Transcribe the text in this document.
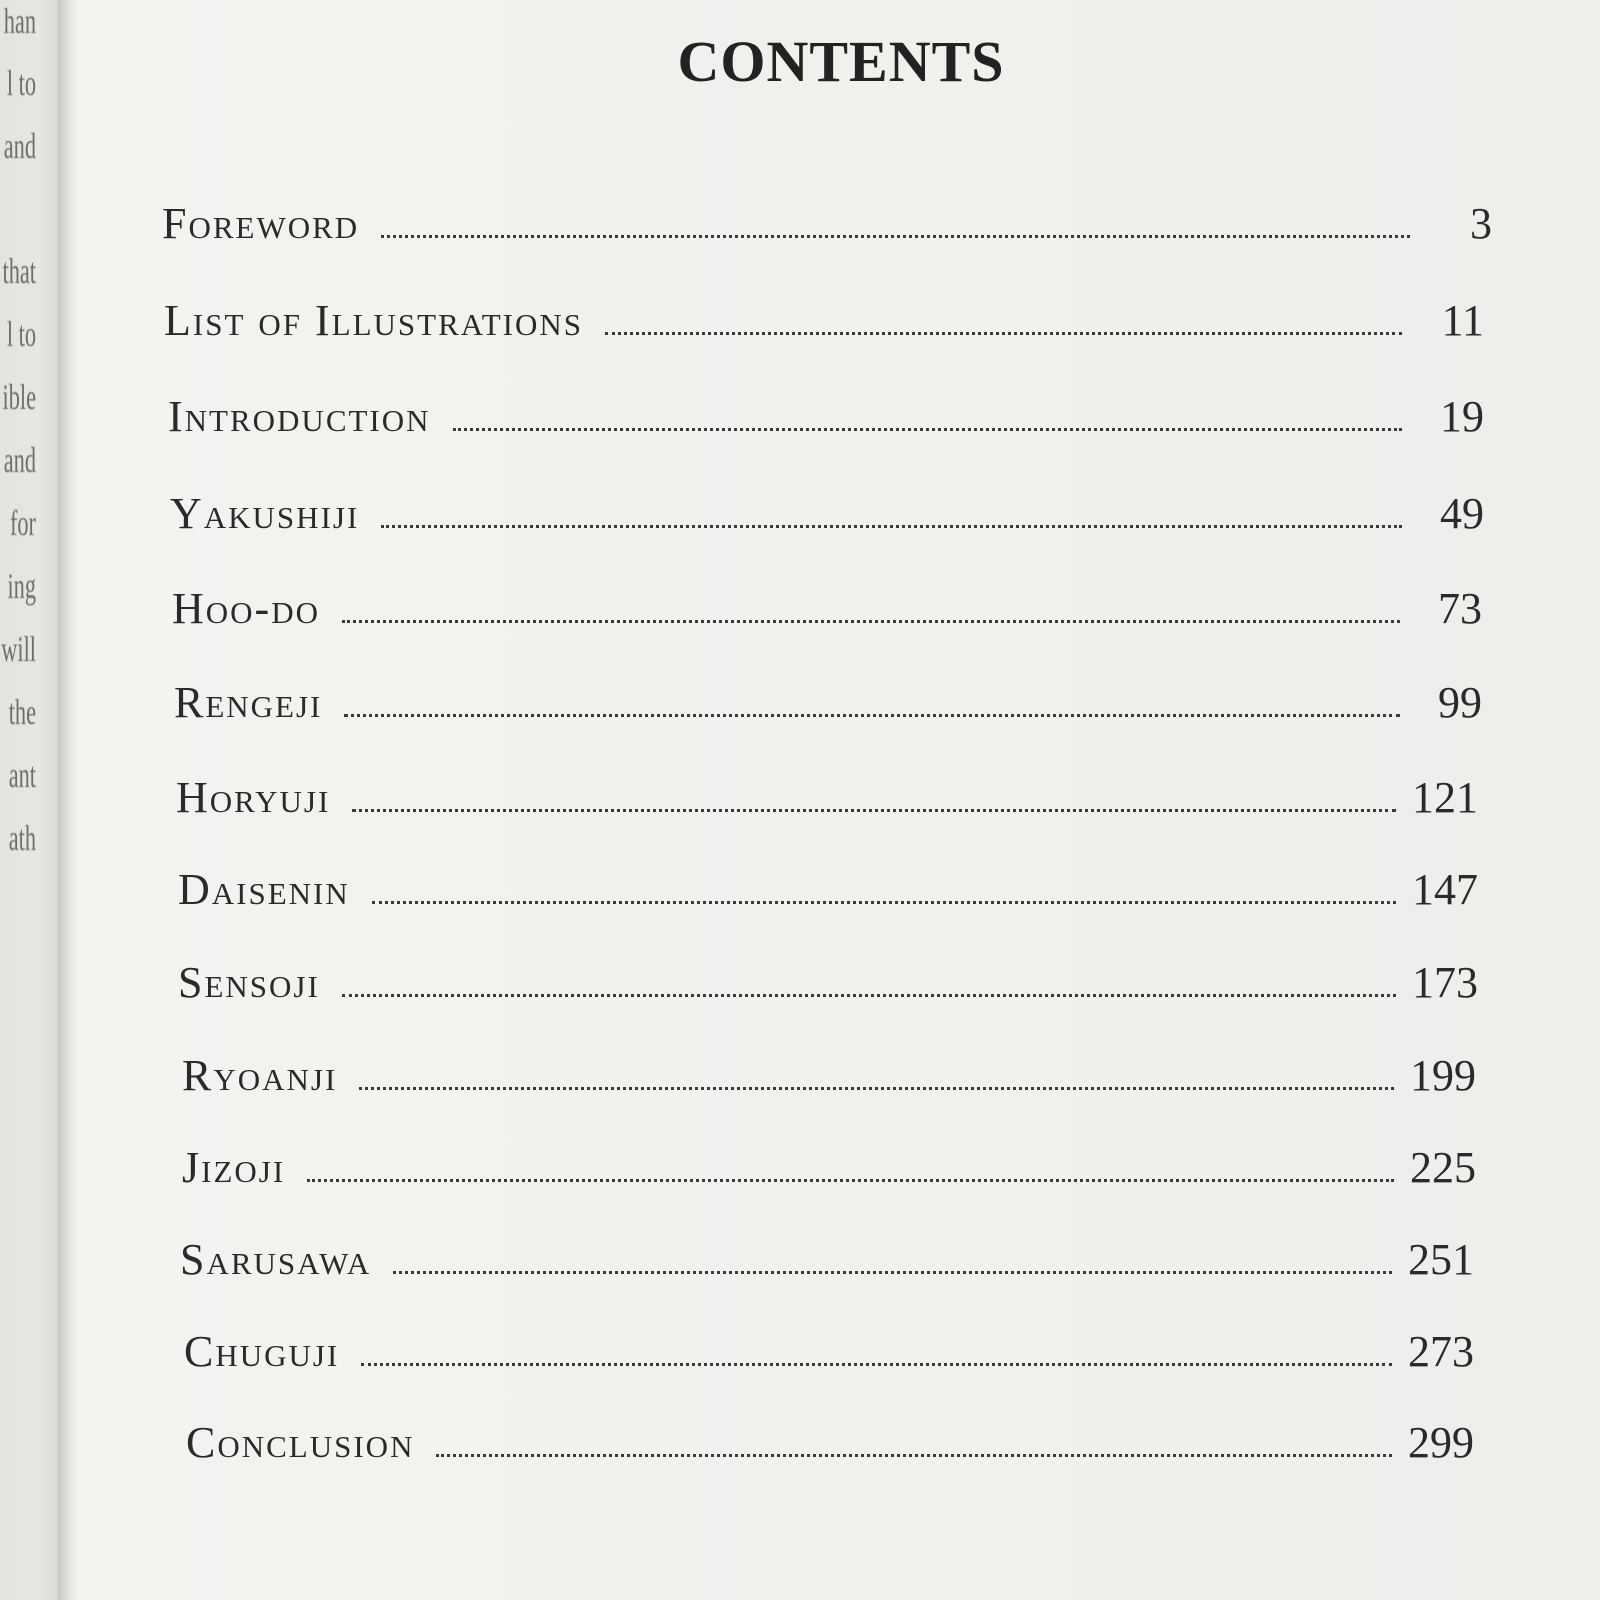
han
l to
and
that
l to
ible
and
for
ing
will
the
ant
ath
CONTENTS
Foreword	3
List of Illustrations	11
Introduction	19
Yakushiji	49
Hoo-do	73
Rengeji	99
Horyuji	121
Daisenin	147
Sensoji	173
Ryoanji	199
Jizoji	225
Sarusawa	251
Chuguji	273
Conclusion	299
